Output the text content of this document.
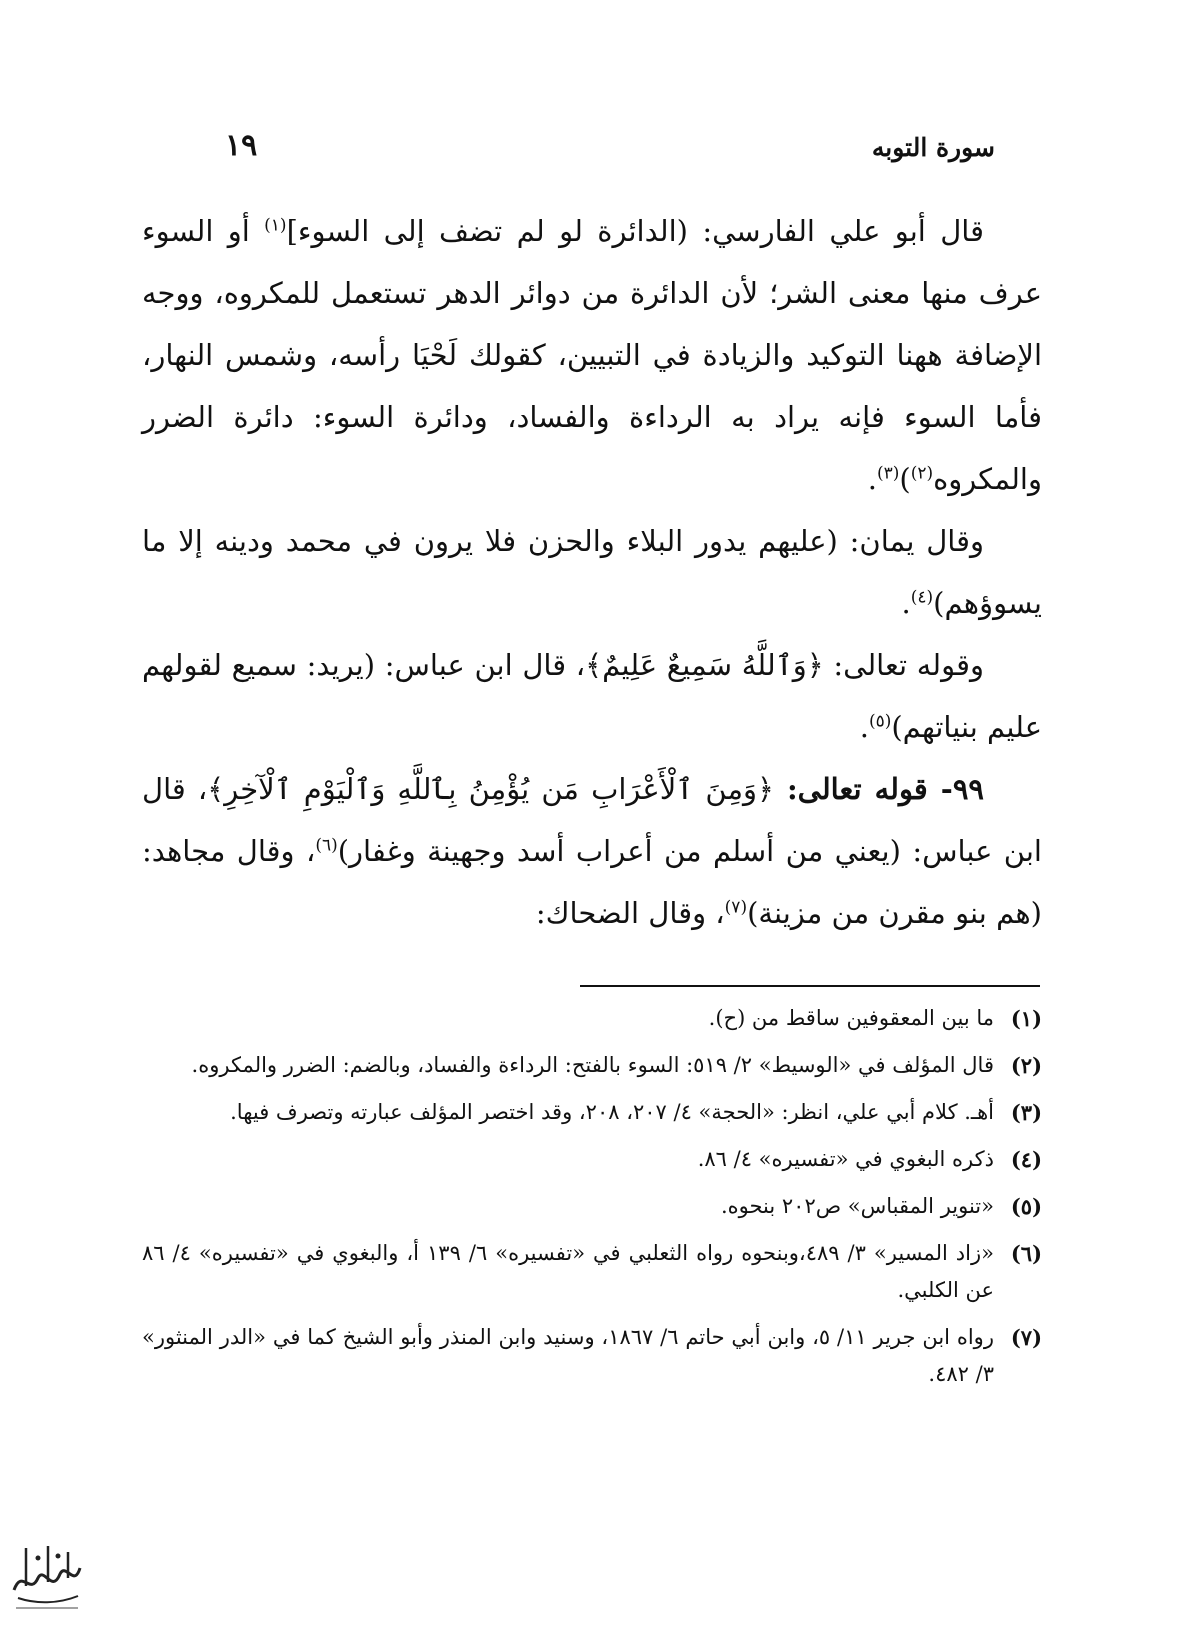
سورة التوبه
١٩

قال أبو علي الفارسي: (الدائرة لو لم تضف إلى السوء]$^{(١)}$ أو السوء عرف منها معنى الشر؛ لأن الدائرة من دوائر الدهر تستعمل للمكروه، ووجه الإضافة ههنا التوكيد والزيادة في التبيين، كقولك لَحْيَا رأسه، وشمس النهار، فأما السوء فإنه يراد به الرداءة والفساد، ودائرة السوء: دائرة الضرر والمكروه$^{(٢)}$)$^{(٣)}$.

وقال يمان: (عليهم يدور البلاء والحزن فلا يرون في محمد ودينه إلا ما يسوؤهم)$^{(٤)}$.

وقوله تعالى: ﴿وَٱللَّهُ سَمِيعٌ عَلِيمٌ﴾، قال ابن عباس: (يريد: سميع لقولهم عليم بنياتهم)$^{(٥)}$.

٩٩- قوله تعالى: ﴿وَمِنَ ٱلْأَعْرَابِ مَن يُؤْمِنُ بِٱللَّهِ وَٱلْيَوْمِ ٱلْآخِرِ﴾، قال ابن عباس: (يعني من أسلم من أعراب أسد وجهينة وغفار)$^{(٦)}$، وقال مجاهد: (هم بنو مقرن من مزينة)$^{(٧)}$، وقال الضحاك:

(١)
ما بين المعقوفين ساقط من (ح).
(٢)
قال المؤلف في «الوسيط» ٢/ ٥١٩: السوء بالفتح: الرداءة والفساد، وبالضم: الضرر والمكروه.
(٣)
أهـ. كلام أبي علي، انظر: «الحجة» ٤/ ٢٠٧، ٢٠٨، وقد اختصر المؤلف عبارته وتصرف فيها.
(٤)
ذكره البغوي في «تفسيره» ٤/ ٨٦.
(٥)
«تنوير المقباس» ص٢٠٢ بنحوه.
(٦)
«زاد المسير» ٣/ ٤٨٩،وبنحوه رواه الثعلبي في «تفسيره» ٦/ ١٣٩ أ، والبغوي في «تفسيره» ٤/ ٨٦ عن الكلبي.
(٧)
رواه ابن جرير ١١/ ٥، وابن أبي حاتم ٦/ ١٨٦٧، وسنيد وابن المنذر وأبو الشيخ كما في «الدر المنثور» ٣/ ٤٨٢.
